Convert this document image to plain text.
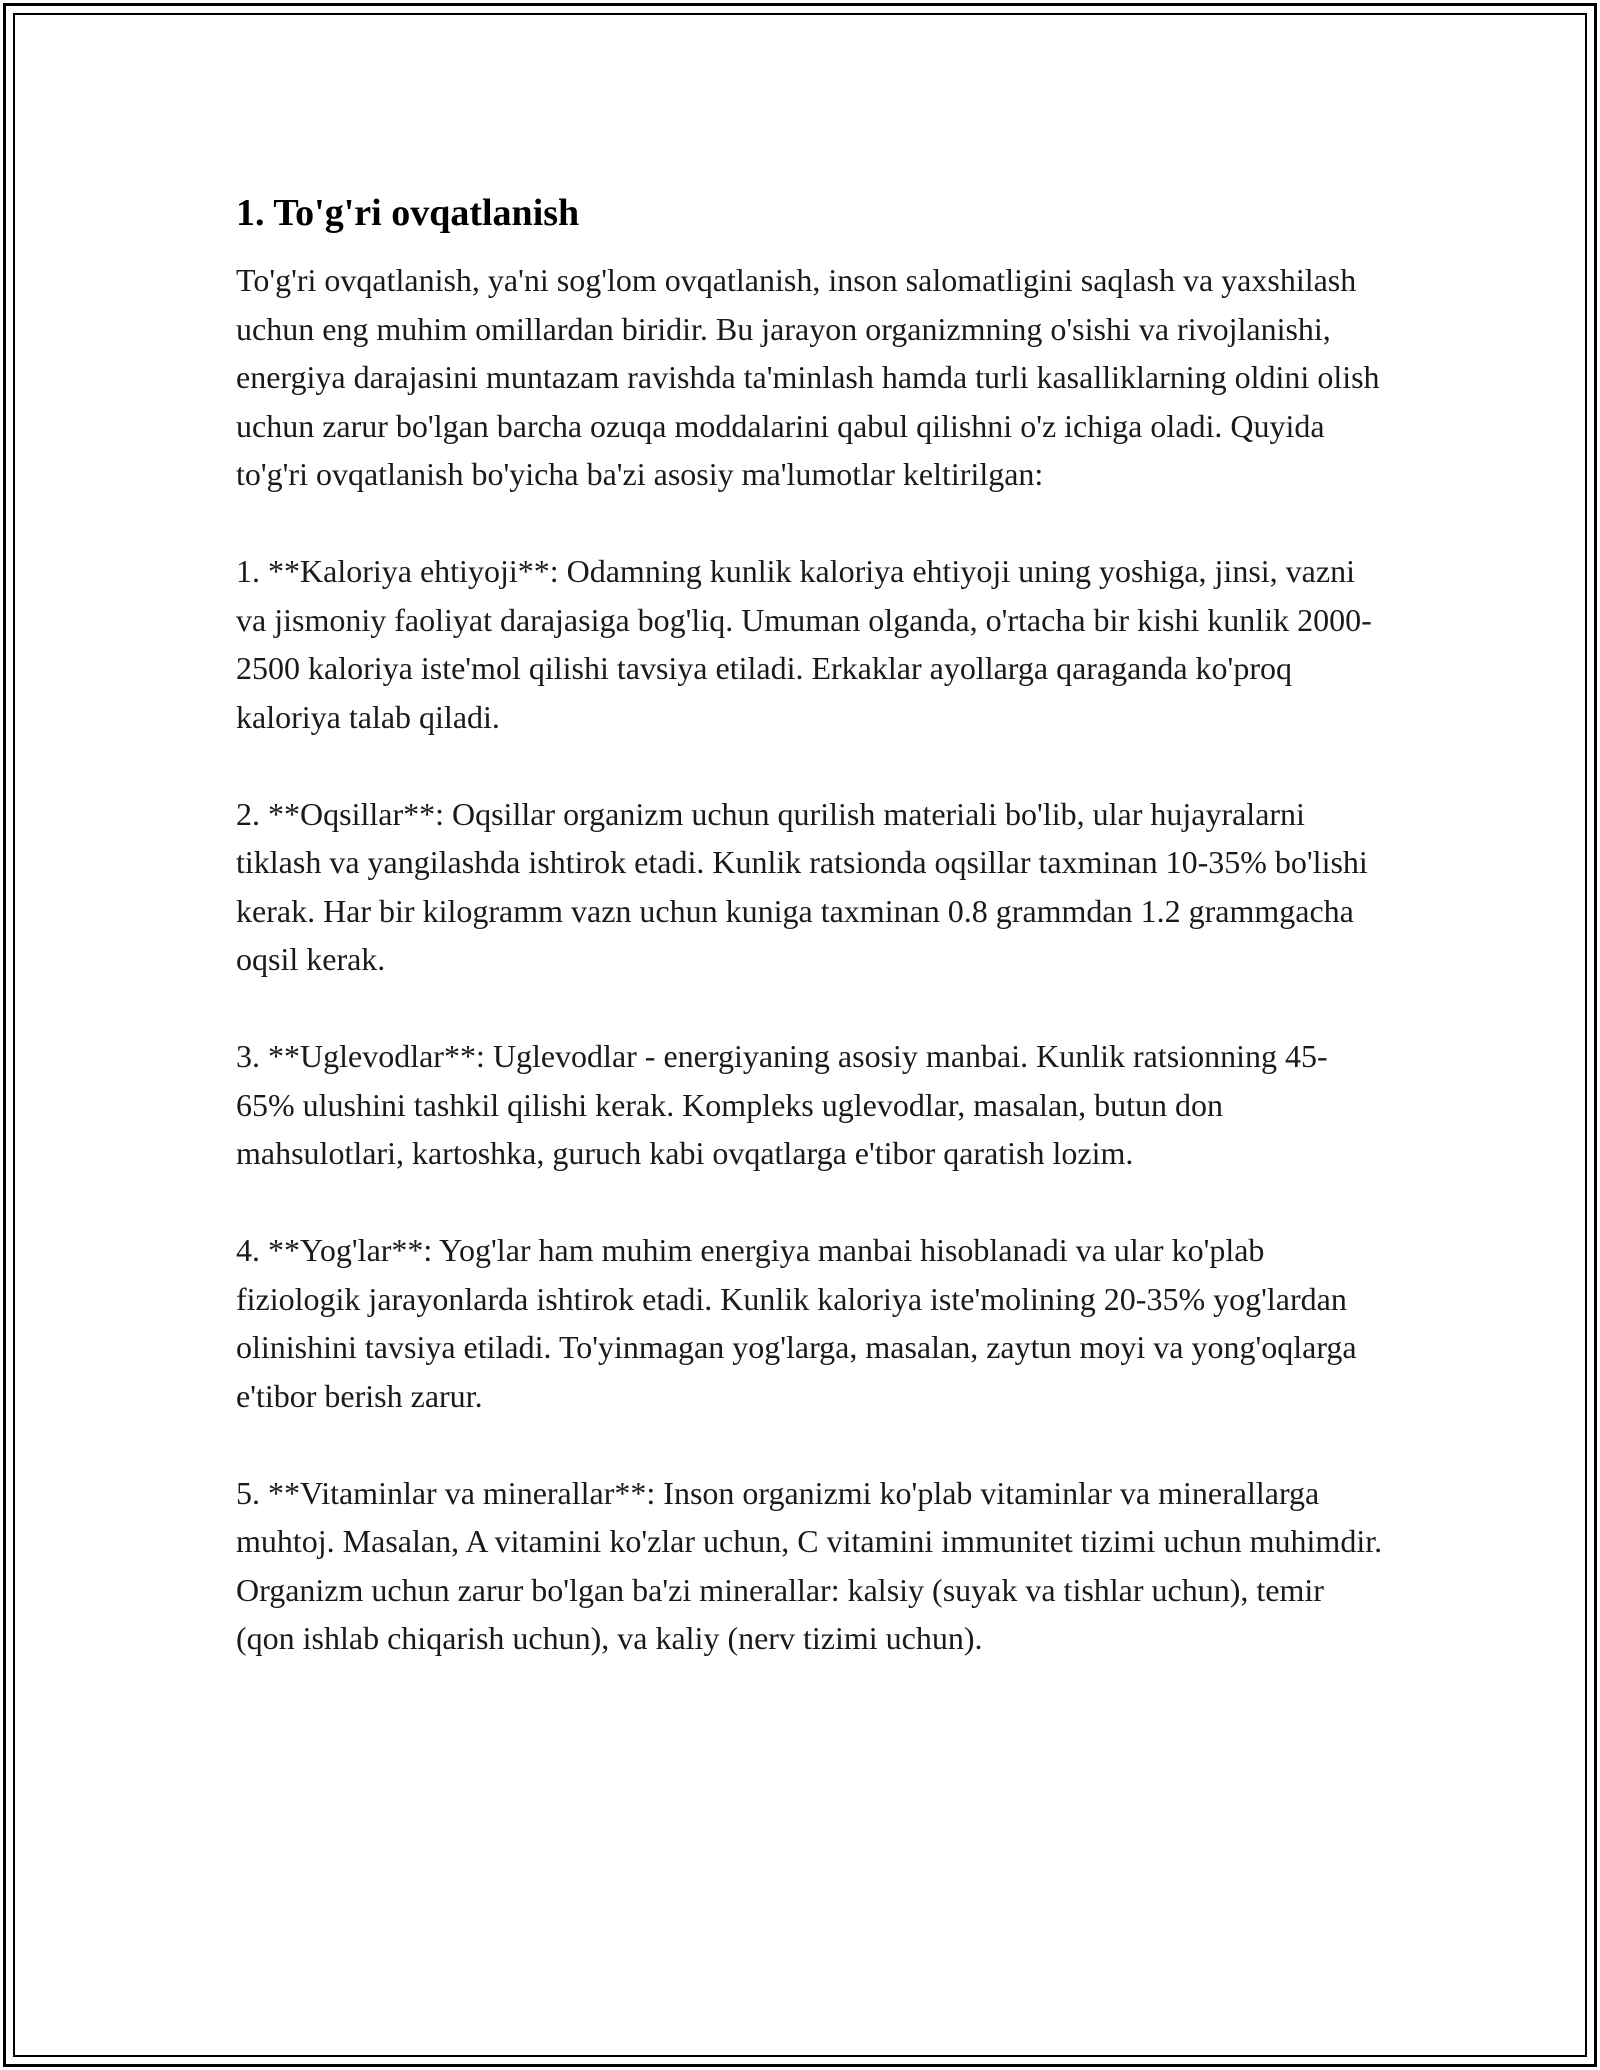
1. To'g'ri ovqatlanish

To'g'ri ovqatlanish, ya'ni sog'lom ovqatlanish, inson salomatligini saqlash va yaxshilash uchun eng muhim omillardan biridir. Bu jarayon organizmning o'sishi va rivojlanishi, energiya darajasini muntazam ravishda ta'minlash hamda turli kasalliklarning oldini olish uchun zarur bo'lgan barcha ozuqa moddalarini qabul qilishni o'z ichiga oladi. Quyida to'g'ri ovqatlanish bo'yicha ba'zi asosiy ma'lumotlar keltirilgan:

1. **Kaloriya ehtiyoji**: Odamning kunlik kaloriya ehtiyoji uning yoshiga, jinsi, vazni va jismoniy faoliyat darajasiga bog'liq. Umuman olganda, o'rtacha bir kishi kunlik 2000-2500 kaloriya iste'mol qilishi tavsiya etiladi. Erkaklar ayollarga qaraganda ko'proq kaloriya talab qiladi.

2. **Oqsillar**: Oqsillar organizm uchun qurilish materiali bo'lib, ular hujayralarni tiklash va yangilashda ishtirok etadi. Kunlik ratsionda oqsillar taxminan 10-35% bo'lishi kerak. Har bir kilogramm vazn uchun kuniga taxminan 0.8 grammdan 1.2 grammgacha oqsil kerak.

3. **Uglevodlar**: Uglevodlar - energiyaning asosiy manbai. Kunlik ratsionning 45-65% ulushini tashkil qilishi kerak. Kompleks uglevodlar, masalan, butun don mahsulotlari, kartoshka, guruch kabi ovqatlarga e'tibor qaratish lozim.

4. **Yog'lar**: Yog'lar ham muhim energiya manbai hisoblanadi va ular ko'plab fiziologik jarayonlarda ishtirok etadi. Kunlik kaloriya iste'molining 20-35% yog'lardan olinishini tavsiya etiladi. To'yinmagan yog'larga, masalan, zaytun moyi va yong'oqlarga e'tibor berish zarur.

5. **Vitaminlar va minerallar**: Inson organizmi ko'plab vitaminlar va minerallarga muhtoj. Masalan, A vitamini ko'zlar uchun, C vitamini immunitet tizimi uchun muhimdir. Organizm uchun zarur bo'lgan ba'zi minerallar: kalsiy (suyak va tishlar uchun), temir (qon ishlab chiqarish uchun), va kaliy (nerv tizimi uchun).
